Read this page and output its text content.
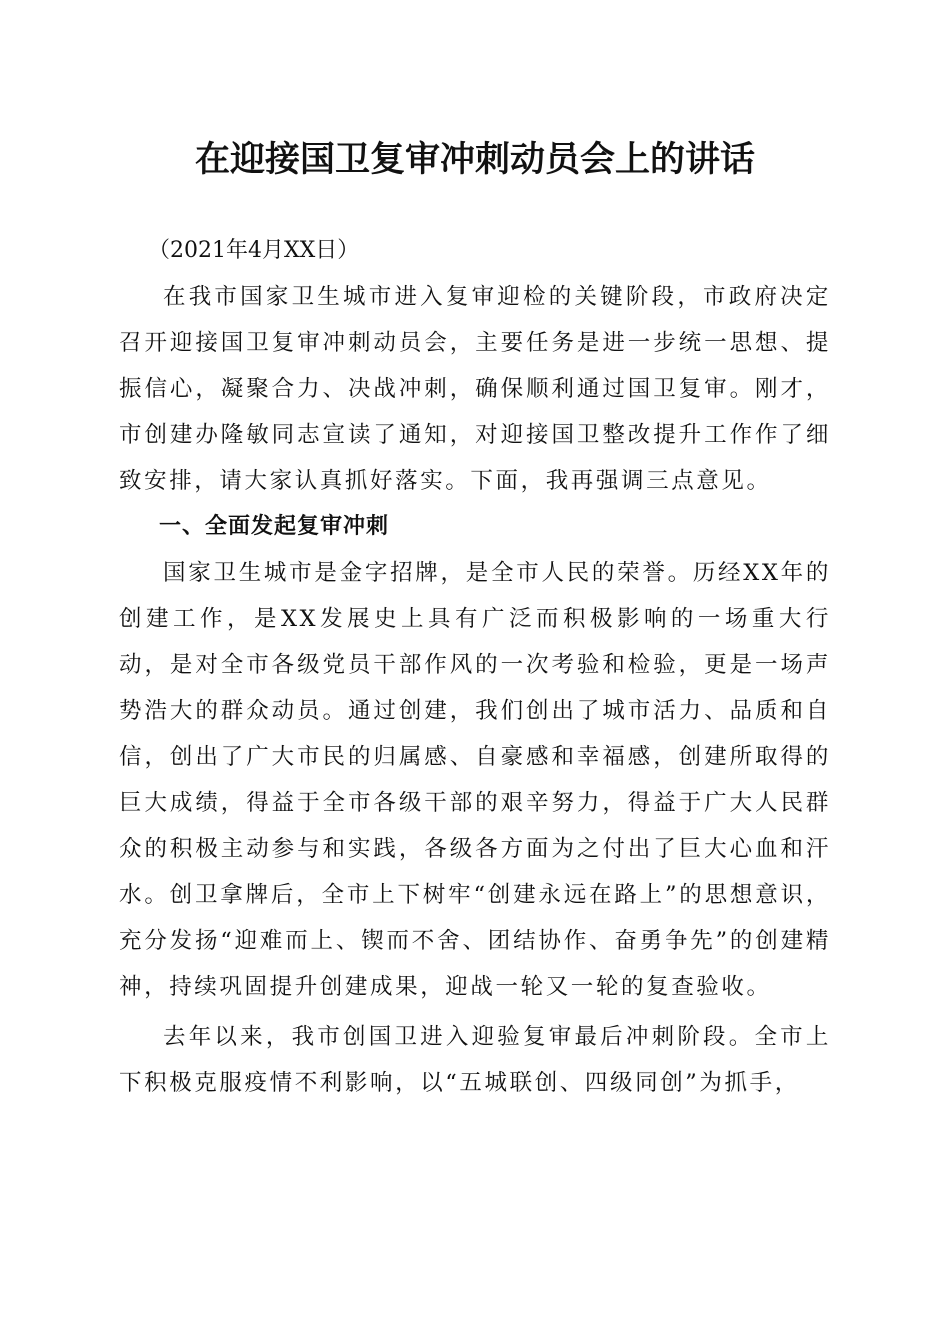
在迎接国卫复审冲刺动员会上的讲话

（2021年4月XX日）

在我市国家卫生城市进入复审迎检的关键阶段，市政府决定召开迎接国卫复审冲刺动员会，主要任务是进一步统一思想、提振信心，凝聚合力、决战冲刺，确保顺利通过国卫复审。刚才，市创建办隆敏同志宣读了通知，对迎接国卫整改提升工作作了细致安排，请大家认真抓好落实。下面，我再强调三点意见。

一、全面发起复审冲刺

国家卫生城市是金字招牌，是全市人民的荣誉。历经XX年的创建工作，是XX发展史上具有广泛而积极影响的一场重大行动，是对全市各级党员干部作风的一次考验和检验，更是一场声势浩大的群众动员。通过创建，我们创出了城市活力、品质和自信，创出了广大市民的归属感、自豪感和幸福感，创建所取得的巨大成绩，得益于全市各级干部的艰辛努力，得益于广大人民群众的积极主动参与和实践，各级各方面为之付出了巨大心血和汗水。创卫拿牌后，全市上下树牢“创建永远在路上”的思想意识，充分发扬“迎难而上、锲而不舍、团结协作、奋勇争先”的创建精神，持续巩固提升创建成果，迎战一轮又一轮的复查验收。

去年以来，我市创国卫进入迎验复审最后冲刺阶段。全市上下积极克服疫情不利影响，以“五城联创、四级同创”为抓手，
